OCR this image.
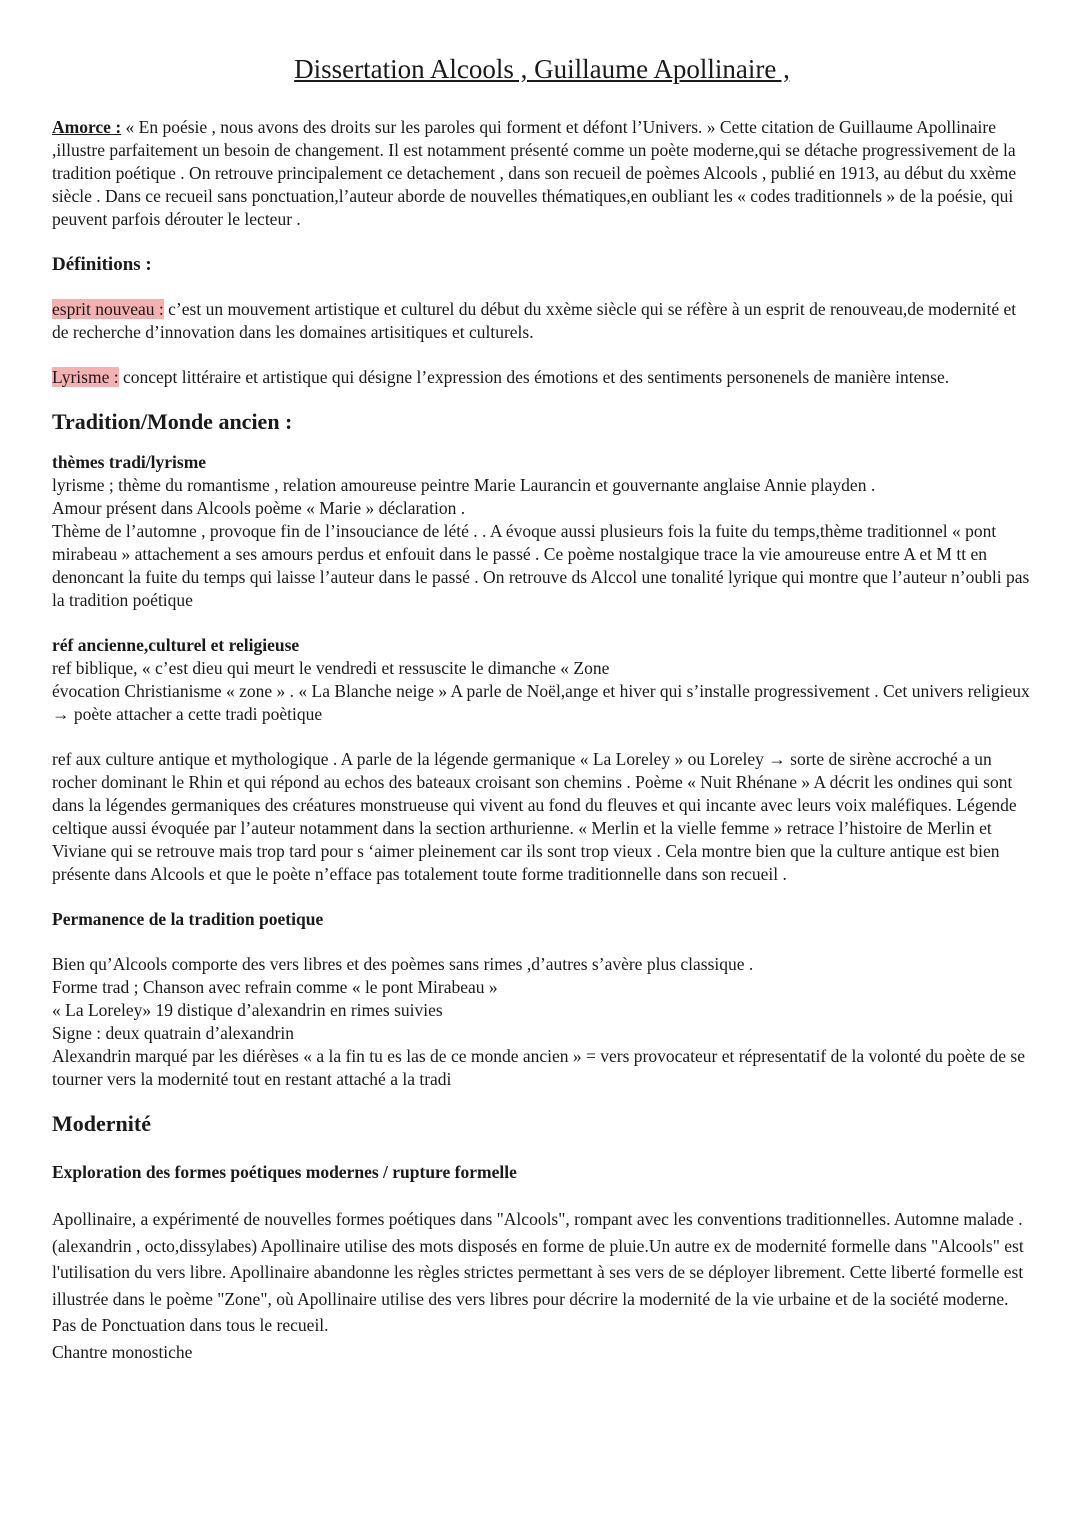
Dissertation Alcools , Guillaume Apollinaire ,

Amorce : « En poésie , nous avons des droits sur les paroles qui forment et défont l’Univers. » Cette citation de Guillaume Apollinaire ,illustre parfaitement un besoin de changement. Il est notamment présenté comme un poète moderne,qui se détache progressivement de la tradition poétique . On retrouve principalement ce detachement , dans son recueil de poèmes Alcools , publié en 1913, au début du xxème siècle . Dans ce recueil sans ponctuation,l’auteur aborde de nouvelles thématiques,en oubliant les « codes traditionnels » de la poésie, qui peuvent parfois dérouter le lecteur .

Définitions :

esprit nouveau : c’est un mouvement artistique et culturel du début du xxème siècle qui se réfère à un esprit de renouveau,de modernité et de recherche d’innovation dans les domaines artisitiques et culturels.

Lyrisme : concept littéraire et artistique qui désigne l’expression des émotions et des sentiments personenels de manière intense.

Tradition/Monde ancien :
thèmes tradi/lyrisme

lyrisme ; thème du romantisme , relation amoureuse peintre Marie Laurancin et gouvernante anglaise Annie playden .

Amour présent dans Alcools poème « Marie » déclaration .

Thème de l’automne , provoque fin de l’insouciance de lété . . A évoque aussi plusieurs fois la fuite du temps,thème traditionnel « pont mirabeau » attachement a ses amours perdus et enfouit dans le passé . Ce poème nostalgique trace la vie amoureuse entre A et M tt en denoncant la fuite du temps qui laisse l’auteur dans le passé . On retrouve ds Alccol une tonalité lyrique qui montre que l’auteur n’oubli pas la tradition poétique

réf ancienne,culturel et religieuse

ref biblique, « c’est dieu qui meurt le vendredi et ressuscite le dimanche « Zone

évocation Christianisme « zone » . « La Blanche neige » A parle de Noël,ange et hiver qui s’installe progressivement . Cet univers religieux → poète attacher a cette tradi poètique

ref aux culture antique et mythologique . A parle de la légende germanique « La Loreley » ou Loreley → sorte de sirène accroché a un rocher dominant le Rhin et qui répond au echos des bateaux croisant son chemins . Poème « Nuit Rhénane » A décrit les ondines qui sont dans la légendes germaniques des créatures monstrueuse qui vivent au fond du fleuves et qui incante avec leurs voix maléfiques. Légende celtique aussi évoquée par l’auteur notamment dans la section arthurienne. « Merlin et la vielle femme » retrace l’histoire de Merlin et Viviane qui se retrouve mais trop tard pour s ‘aimer pleinement car ils sont trop vieux . Cela montre bien que la culture antique est bien présente dans Alcools et que le poète n’efface pas totalement toute forme traditionnelle dans son recueil .

Permanence de la tradition poetique

Bien qu’Alcools comporte des vers libres et des poèmes sans rimes ,d’autres s’avère plus classique .

Forme trad ; Chanson avec refrain comme « le pont Mirabeau »

« La Loreley» 19 distique d’alexandrin en rimes suivies

Signe : deux quatrain d’alexandrin

Alexandrin marqué par les diérèses « a la fin tu es las de ce monde ancien » = vers provocateur et répresentatif de la volonté du poète de se tourner vers la modernité tout en restant attaché a la tradi

Modernité
Exploration des formes poétiques modernes / rupture formelle

Apollinaire, a expérimenté de nouvelles formes poétiques dans "Alcools", rompant avec les conventions traditionnelles. Automne malade .(alexandrin , octo,dissylabes) Apollinaire utilise des mots disposés en forme de pluie.Un autre ex de modernité formelle dans "Alcools" est l'utilisation du vers libre. Apollinaire abandonne les règles strictes permettant à ses vers de se déployer librement. Cette liberté formelle est illustrée dans le poème "Zone", où Apollinaire utilise des vers libres pour décrire la modernité de la vie urbaine et de la société moderne. Pas de Ponctuation dans tous le recueil.

Chantre monostiche
